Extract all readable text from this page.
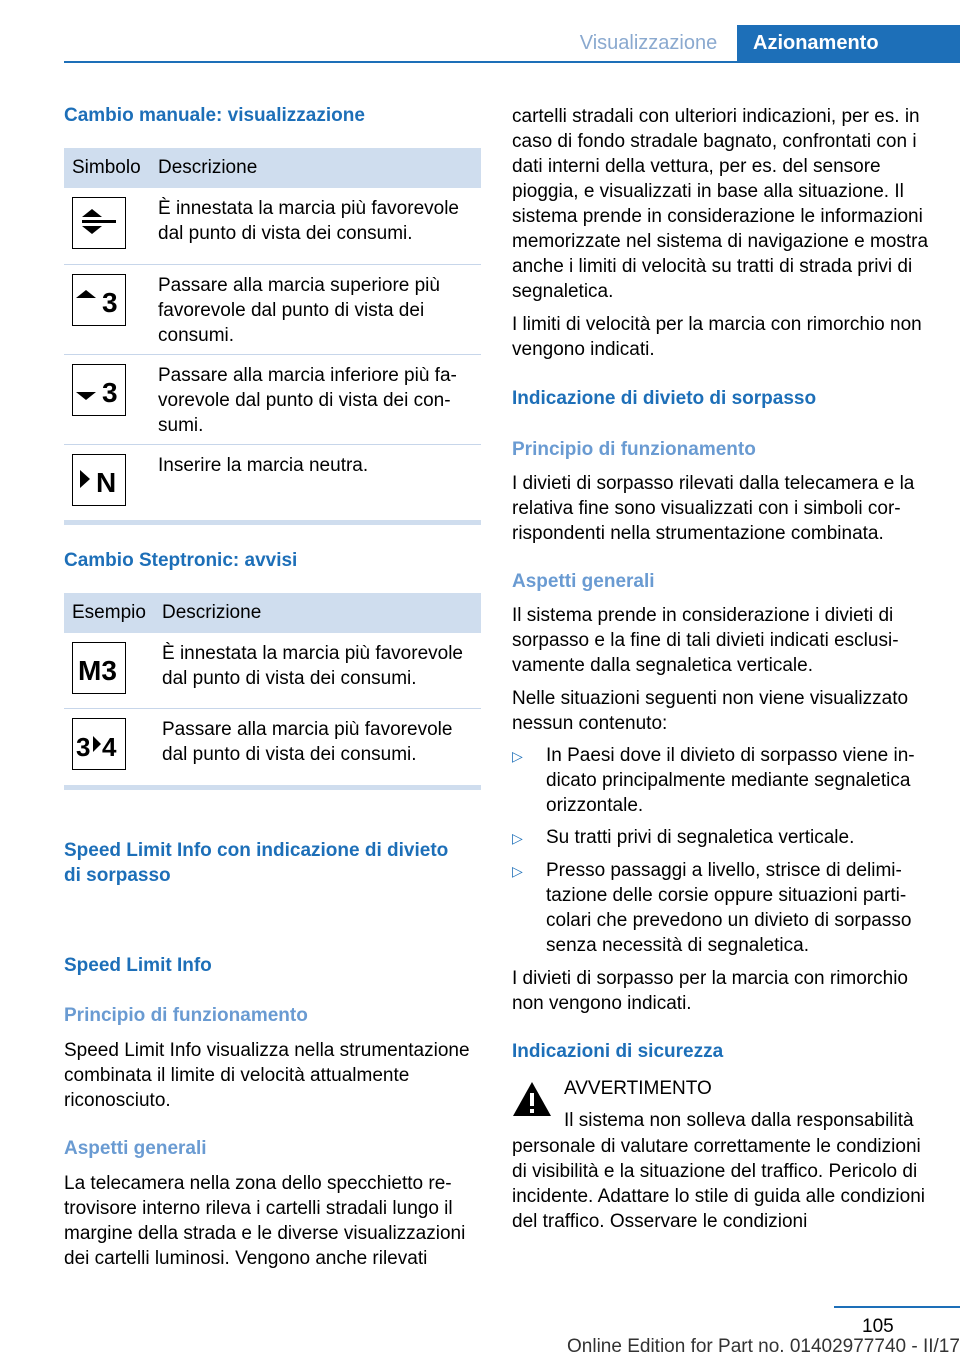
Visualizzazione	Azionamento
Cambio manuale: visualizzazione
Simbolo Descrizione
È innestata la marcia più favorevole dal punto di vista dei consumi.
3
Passare alla marcia superiore più favorevole dal punto di vista dei consumi.
3
Passare alla marcia inferiore più favorevole dal punto di vista dei consumi.
N
Inserire la marcia neutra.
Cambio Steptronic: avvisi
Esempio Descrizione
M3
È innestata la marcia più favorevole dal punto di vista dei consumi.
3 4
Passare alla marcia più favorevole dal punto di vista dei consumi.
Speed Limit Info con indicazione di divieto di sorpasso
Speed Limit Info
Principio di funzionamento

Speed Limit Info visualizza nella strumentazione combinata il limite di velocità attualmente riconosciuto.

Aspetti generali

La telecamera nella zona dello specchietto retrovisore interno rileva i cartelli stradali lungo il margine della strada e le diverse visualizzazioni dei cartelli luminosi. Vengono anche rilevati

cartelli stradali con ulteriori indicazioni, per es. in caso di fondo stradale bagnato, confrontati con i dati interni della vettura, per es. del sensore pioggia, e visualizzati in base alla situazione. Il sistema prende in considerazione le informazioni memorizzate nel sistema di navigazione e mostra anche i limiti di velocità su tratti di strada privi di segnaletica.

I limiti di velocità per la marcia con rimorchio non vengono indicati.

Indicazione di divieto di sorpasso
Principio di funzionamento

I divieti di sorpasso rilevati dalla telecamera e la relativa fine sono visualizzati con i simboli corrispondenti nella strumentazione combinata.

Aspetti generali

Il sistema prende in considerazione i divieti di sorpasso e la fine di tali divieti indicati esclusivamente dalla segnaletica verticale.

Nelle situazioni seguenti non viene visualizzato nessun contenuto:

▷ In Paesi dove il divieto di sorpasso viene indicato principalmente mediante segnaletica orizzontale.

▷ Su tratti privi di segnaletica verticale.

▷ Presso passaggi a livello, strisce di delimitazione delle corsie oppure situazioni particolari che prevedono un divieto di sorpasso senza necessità di segnaletica.

I divieti di sorpasso per la marcia con rimorchio non vengono indicati.

Indicazioni di sicurezza

AVVERTIMENTO

Il sistema non solleva dalla responsabilità

personale di valutare correttamente le condizioni di visibilità e la situazione del traffico. Pericolo di incidente. Adattare lo stile di guida alle condizioni del traffico. Osservare le condizioni

105
Online Edition for Part no. 01402977740 - II/17
